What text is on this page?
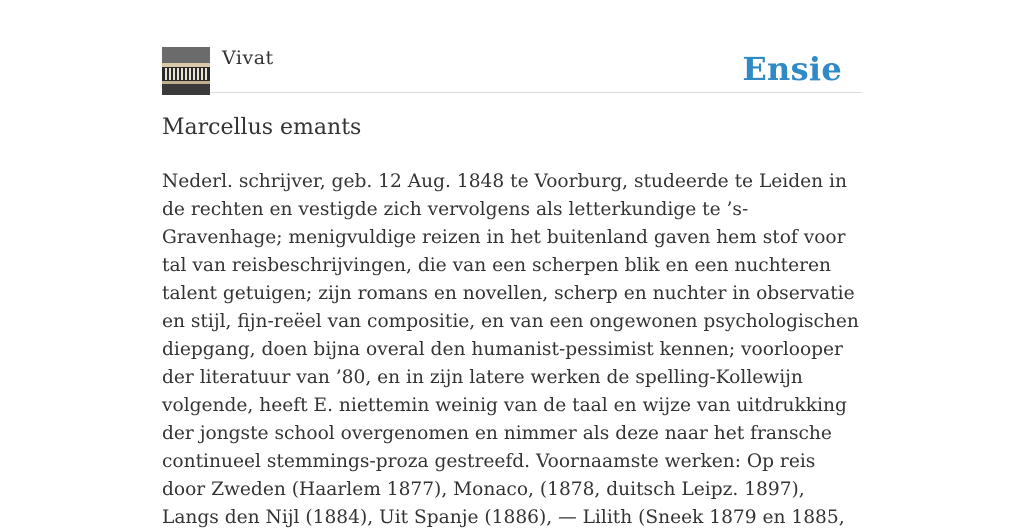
Vivat	Ensie
Marcellus emants

Nederl. schrijver, geb. 12 Aug. 1848 te Voorburg, studeerde te Leiden in de rechten en vestigde zich vervolgens als letterkundige te ’s-Gravenhage; menigvuldige reizen in het buitenland gaven hem stof voor tal van reisbeschrijvingen, die van een scherpen blik en een nuchteren talent getuigen; zijn romans en novellen, scherp en nuchter in observatie en stijl, fijn-reëel van compositie, en van een ongewonen psychologischen diepgang, doen bijna overal den humanist-pessimist kennen; voorlooper der literatuur van ’80, en in zijn latere werken de spelling-Kollewijn volgende, heeft E. niettemin weinig van de taal en wijze van uitdrukking der jongste school overgenomen en nimmer als deze naar het fransche continueel stemmings-proza gestreefd. Voornaamste werken: Op reis door Zweden (Haarlem 1877), Monaco, (1878, duitsch Leipz. 1897), Langs den Nijl (1884), Uit Spanje (1886), — Lilith (Sneek 1879 en 1885,
